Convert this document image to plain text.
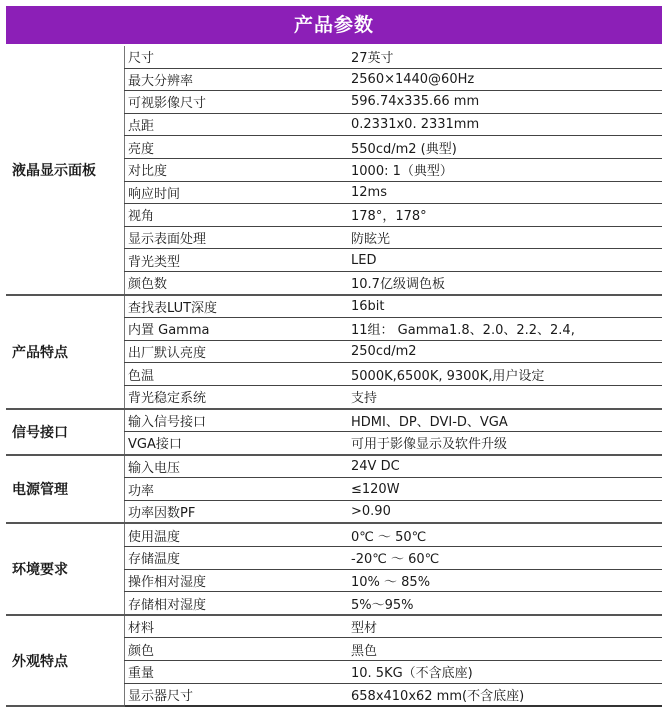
产品参数
液晶显示面板	尺寸	27英寸
	最大分辨率	2560×1440@60Hz
	可视影像尺寸	596.74x335.66 mm
	点距	0.2331x0. 2331mm
	亮度	550cd/m2 (典型)
	对比度	1000: 1（典型）
	响应时间	12ms
	视角	178°，178°
	显示表面处理	防眩光
	背光类型	LED
	颜色数	10.7亿级调色板
产品特点	查找表LUT深度	16bit
	内置 Gamma	11组： Gamma1.8、2.0、2.2、2.4,
	出厂默认亮度	250cd/m2
	色温	5000K,6500K, 9300K,用户设定
	背光稳定系统	支持
信号接口	输入信号接口	HDMI、DP、DVI-D、VGA
	VGA接口	可用于影像显示及软件升级
电源管理	输入电压	24V DC
	功率	≤120W
	功率因数PF	>0.90
环境要求	使用温度	0℃ ～ 50℃
	存储温度	-20℃ ～ 60℃
	操作相对湿度	10% ～ 85%
	存储相对湿度	5%～95%
外观特点	材料	型材
	颜色	黑色
	重量	10. 5KG（不含底座)
	显示器尺寸	658x410x62 mm(不含底座)
